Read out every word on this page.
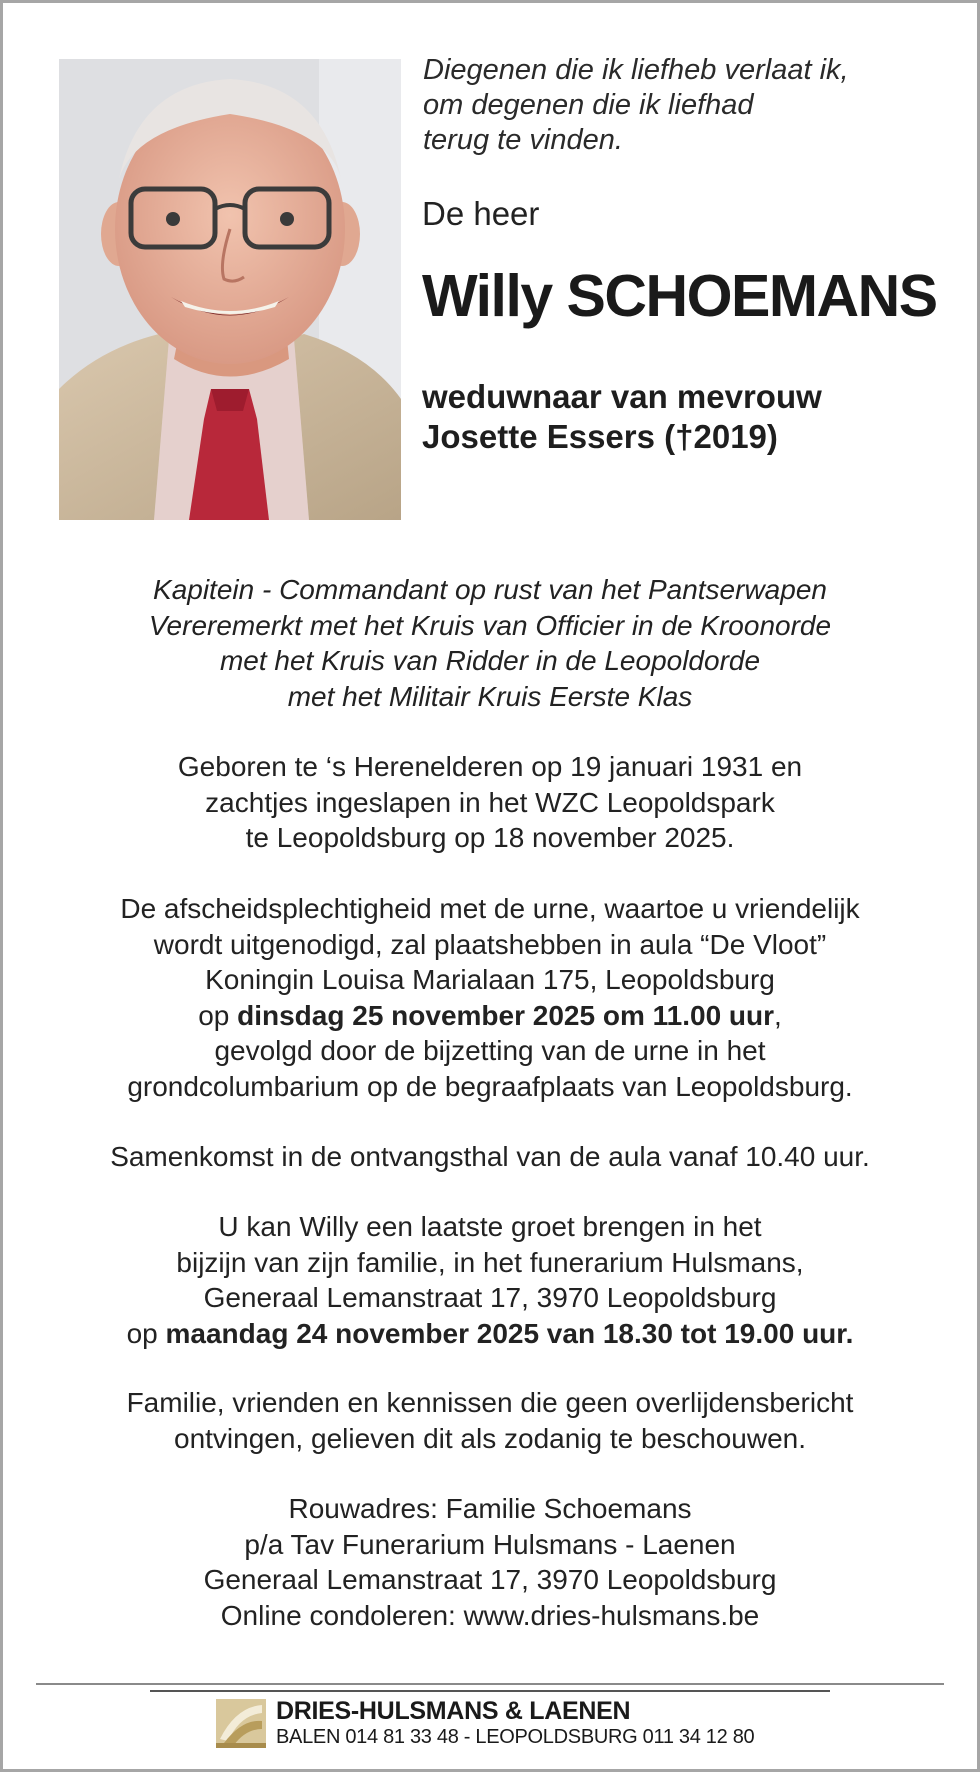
Diegenen die ik liefheb verlaat ik,
om degenen die ik liefhad
terug te vinden.
De heer
Willy SCHOEMANS
weduwnaar van mevrouw
Josette Essers (†2019)
Kapitein - Commandant op rust van het Pantserwapen
Vereremerkt met het Kruis van Officier in de Kroonorde
met het Kruis van Ridder in de Leopoldorde
met het Militair Kruis Eerste Klas
Geboren te ‘s Herenelderen op 19 januari 1931 en
zachtjes ingeslapen in het WZC Leopoldspark
te Leopoldsburg op 18 november 2025.
De afscheidsplechtigheid met de urne, waartoe u vriendelijk
wordt uitgenodigd, zal plaatshebben in aula “De Vloot”
Koningin Louisa Marialaan 175, Leopoldsburg
op dinsdag 25 november 2025 om 11.00 uur,
gevolgd door de bijzetting van de urne in het
grondcolumbarium op de begraafplaats van Leopoldsburg.
Samenkomst in de ontvangsthal van de aula vanaf 10.40 uur.
U kan Willy een laatste groet brengen in het
bijzijn van zijn familie, in het funerarium Hulsmans,
Generaal Lemanstraat 17, 3970 Leopoldsburg
op maandag 24 november 2025 van 18.30 tot 19.00 uur.
Familie, vrienden en kennissen die geen overlijdensbericht
ontvingen, gelieven dit als zodanig te beschouwen.
Rouwadres: Familie Schoemans
p/a Tav Funerarium Hulsmans - Laenen
Generaal Lemanstraat 17, 3970 Leopoldsburg
Online condoleren: www.dries-hulsmans.be
DRIES-HULSMANS & LAENEN
BALEN 014 81 33 48 - LEOPOLDSBURG 011 34 12 80
